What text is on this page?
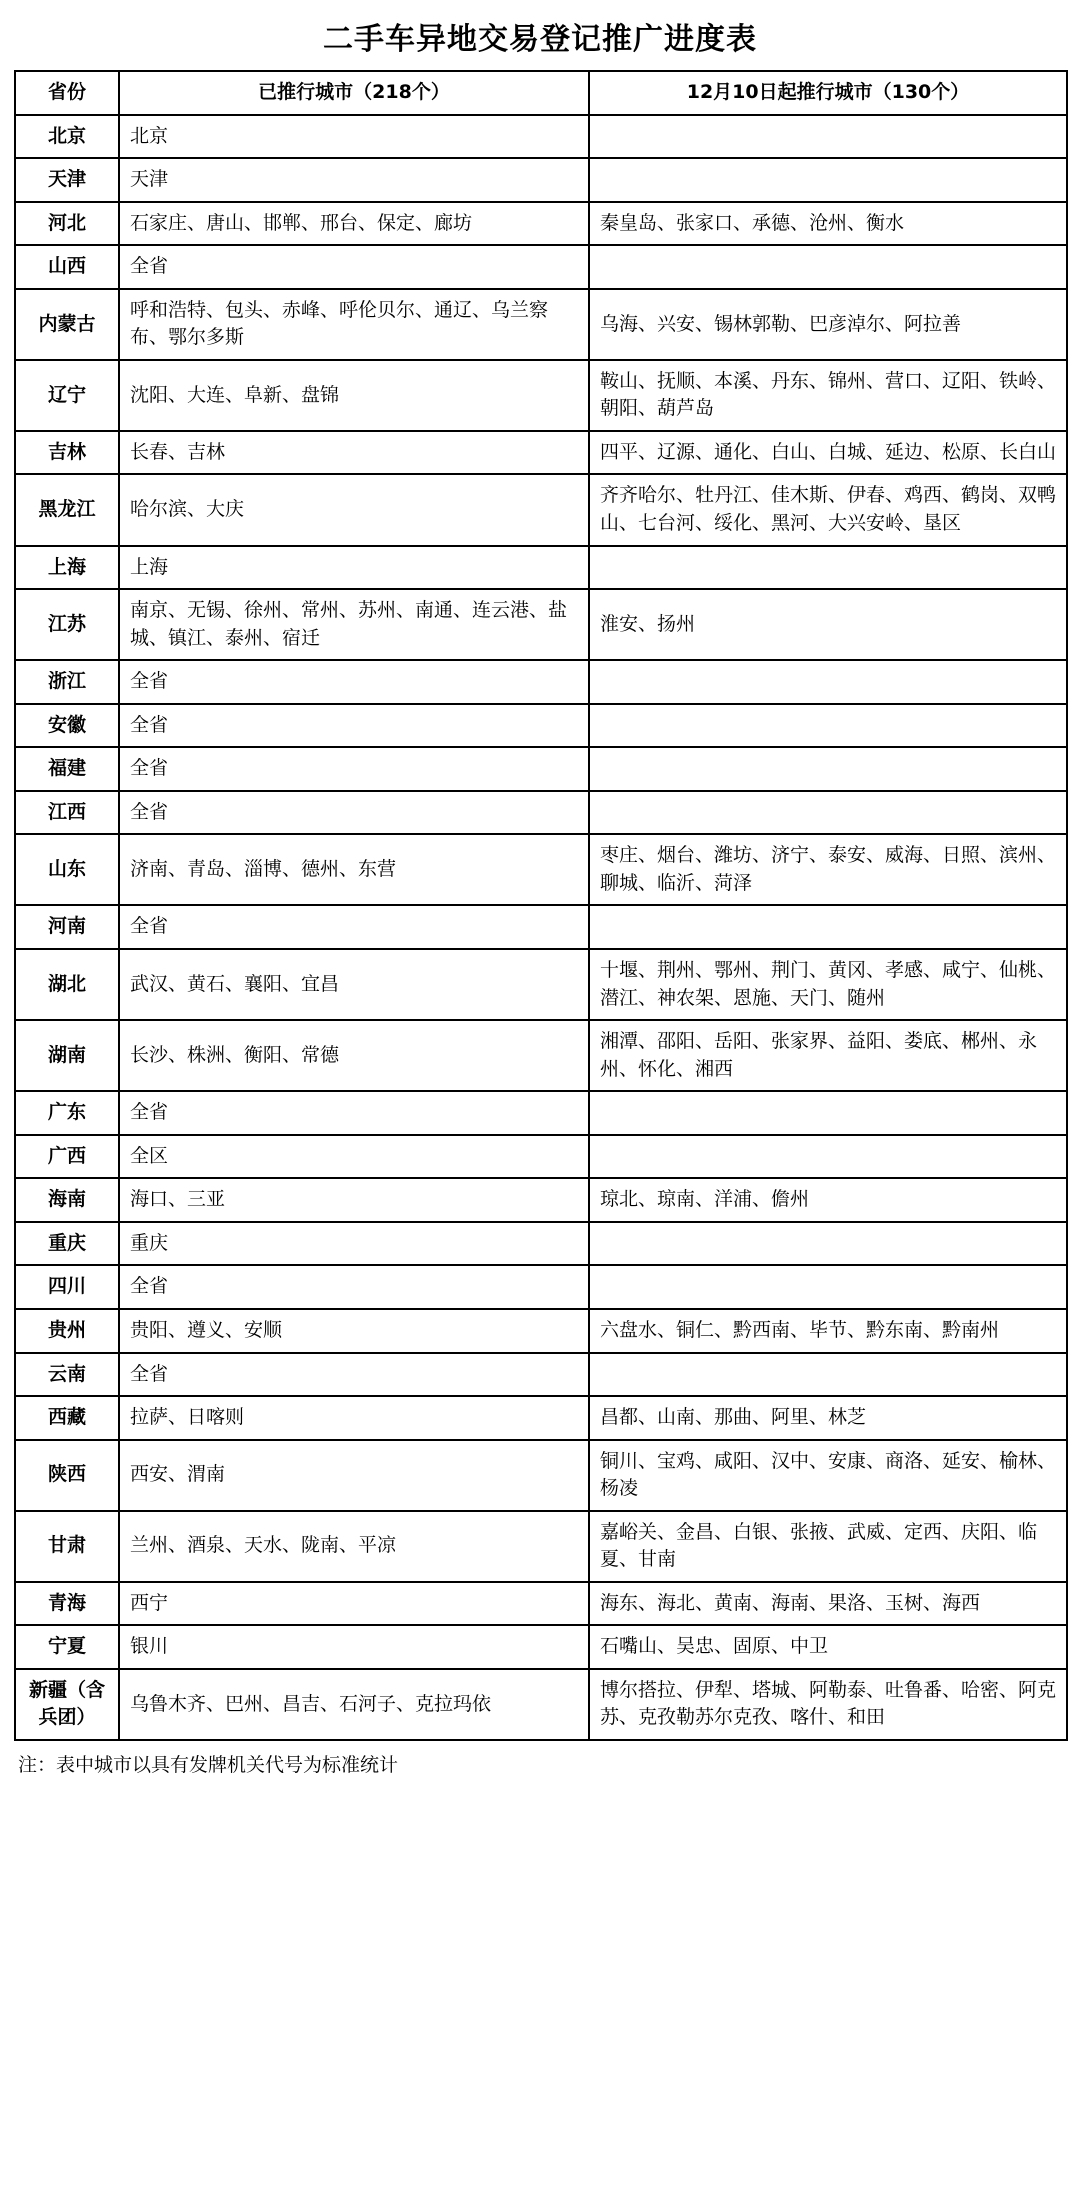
二手车异地交易登记推广进度表
省份	已推行城市（218个）	12月10日起推行城市（130个）
北京	北京	
天津	天津	
河北	石家庄、唐山、邯郸、邢台、保定、廊坊	秦皇岛、张家口、承德、沧州、衡水
山西	全省	
内蒙古	呼和浩特、包头、赤峰、呼伦贝尔、通辽、乌兰察布、鄂尔多斯	乌海、兴安、锡林郭勒、巴彦淖尔、阿拉善
辽宁	沈阳、大连、阜新、盘锦	鞍山、抚顺、本溪、丹东、锦州、营口、辽阳、铁岭、朝阳、葫芦岛
吉林	长春、吉林	四平、辽源、通化、白山、白城、延边、松原、长白山
黑龙江	哈尔滨、大庆	齐齐哈尔、牡丹江、佳木斯、伊春、鸡西、鹤岗、双鸭山、七台河、绥化、黑河、大兴安岭、垦区
上海	上海	
江苏	南京、无锡、徐州、常州、苏州、南通、连云港、盐城、镇江、泰州、宿迁	淮安、扬州
浙江	全省	
安徽	全省	
福建	全省	
江西	全省	
山东	济南、青岛、淄博、德州、东营	枣庄、烟台、潍坊、济宁、泰安、威海、日照、滨州、聊城、临沂、菏泽
河南	全省	
湖北	武汉、黄石、襄阳、宜昌	十堰、荆州、鄂州、荆门、黄冈、孝感、咸宁、仙桃、潜江、神农架、恩施、天门、随州
湖南	长沙、株洲、衡阳、常德	湘潭、邵阳、岳阳、张家界、益阳、娄底、郴州、永州、怀化、湘西
广东	全省	
广西	全区	
海南	海口、三亚	琼北、琼南、洋浦、儋州
重庆	重庆	
四川	全省	
贵州	贵阳、遵义、安顺	六盘水、铜仁、黔西南、毕节、黔东南、黔南州
云南	全省	
西藏	拉萨、日喀则	昌都、山南、那曲、阿里、林芝
陕西	西安、渭南	铜川、宝鸡、咸阳、汉中、安康、商洛、延安、榆林、杨凌
甘肃	兰州、酒泉、天水、陇南、平凉	嘉峪关、金昌、白银、张掖、武威、定西、庆阳、临夏、甘南
青海	西宁	海东、海北、黄南、海南、果洛、玉树、海西
宁夏	银川	石嘴山、吴忠、固原、中卫
新疆（含兵团）	乌鲁木齐、巴州、昌吉、石河子、克拉玛依	博尔搭拉、伊犁、塔城、阿勒泰、吐鲁番、哈密、阿克苏、克孜勒苏尔克孜、喀什、和田
注：表中城市以具有发牌机关代号为标准统计
